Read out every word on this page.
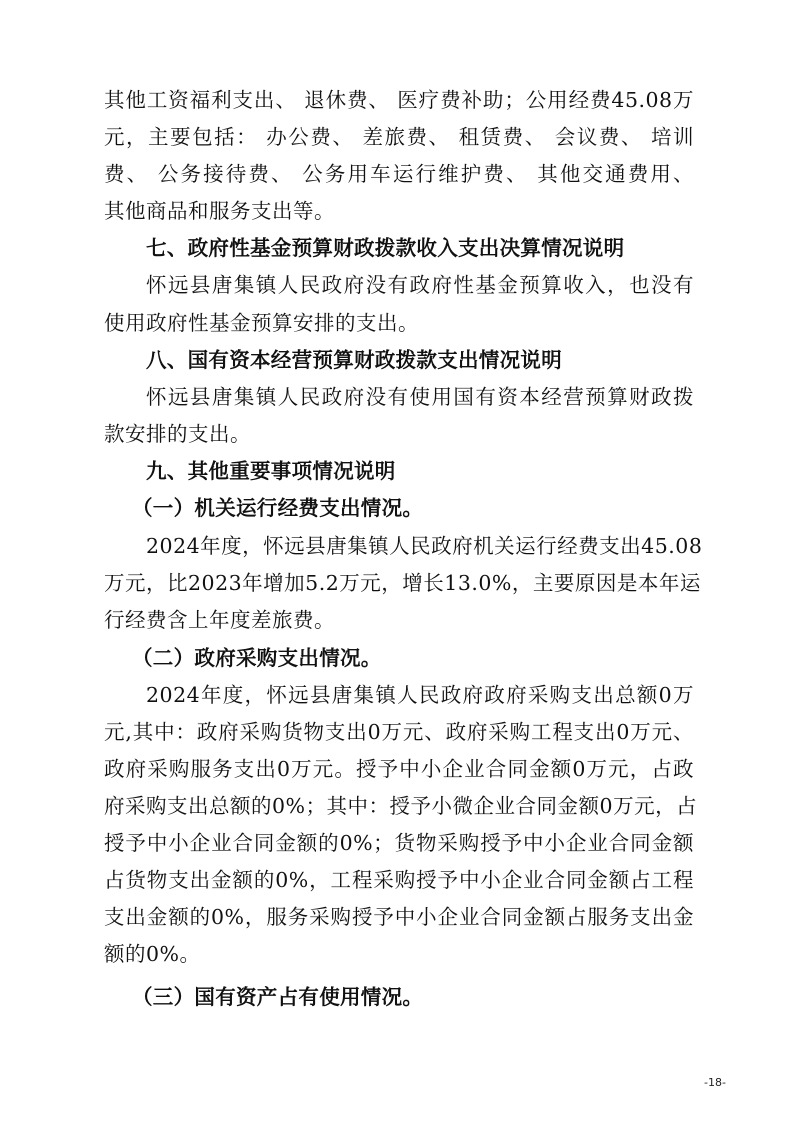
其他工资福利支出、 退休费、 医疗费补助；公用经费45.08万
元，主要包括： 办公费、 差旅费、 租赁费、 会议费、 培训
费、 公务接待费、 公务用车运行维护费、 其他交通费用、
其他商品和服务支出等。
七、政府性基金预算财政拨款收入支出决算情况说明
怀远县唐集镇人民政府没有政府性基金预算收入，也没有
使用政府性基金预算安排的支出。
八、国有资本经营预算财政拨款支出情况说明
怀远县唐集镇人民政府没有使用国有资本经营预算财政拨
款安排的支出。
九、其他重要事项情况说明
（一）机关运行经费支出情况。
2024年度，怀远县唐集镇人民政府机关运行经费支出45.08
万元，比2023年增加5.2万元，增长13.0%，主要原因是本年运
行经费含上年度差旅费。
（二）政府采购支出情况。
2024年度，怀远县唐集镇人民政府政府采购支出总额0万
元,其中：政府采购货物支出0万元、政府采购工程支出0万元、
政府采购服务支出0万元。授予中小企业合同金额0万元，占政
府采购支出总额的0%；其中：授予小微企业合同金额0万元，占
授予中小企业合同金额的0%；货物采购授予中小企业合同金额
占货物支出金额的0%，工程采购授予中小企业合同金额占工程
支出金额的0%，服务采购授予中小企业合同金额占服务支出金
额的0%。
（三）国有资产占有使用情况。
-18-
